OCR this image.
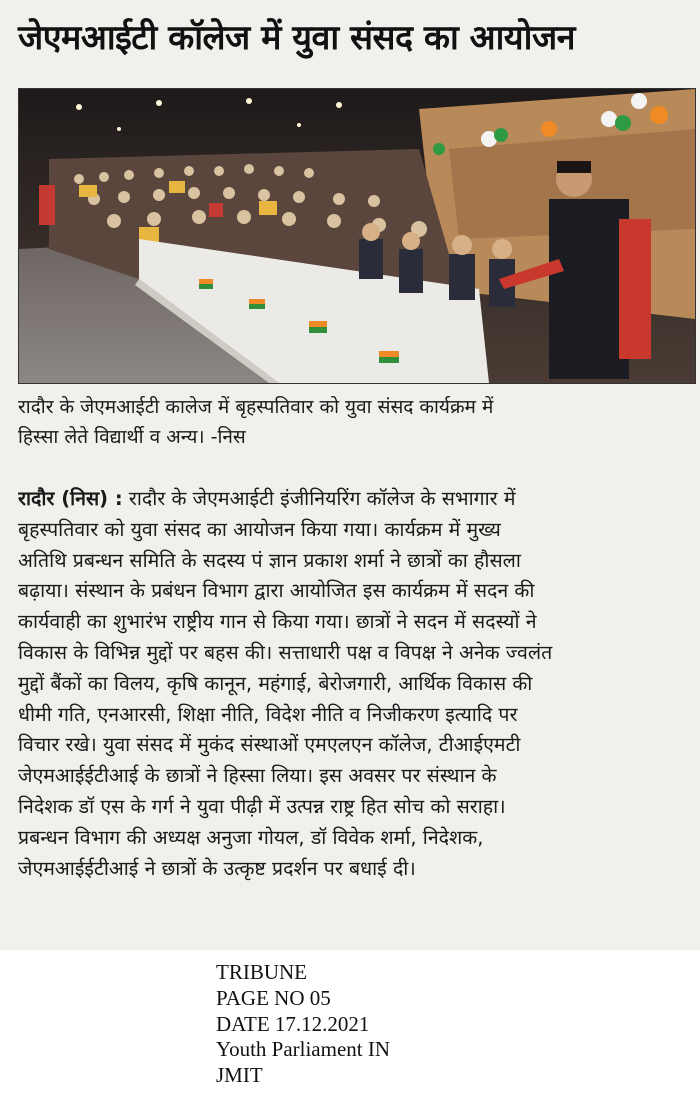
जेएमआईटी कॉलेज में युवा संसद का आयोजन
रादौर के जेएमआईटी कालेज में बृहस्पतिवार को युवा संसद कार्यक्रम में
हिस्सा लेते विद्यार्थी व अन्य। -निस
रादौर (निस) : रादौर के जेएमआईटी इंजीनियरिंग कॉलेज के सभागार में
बृहस्पतिवार को युवा संसद का आयोजन किया गया। कार्यक्रम में मुख्य
अतिथि प्रबन्धन समिति के सदस्य पं ज्ञान प्रकाश शर्मा ने छात्रों का हौसला
बढ़ाया। संस्थान के प्रबंधन विभाग द्वारा आयोजित इस कार्यक्रम में सदन की
कार्यवाही का शुभारंभ राष्ट्रीय गान से किया गया। छात्रों ने सदन में सदस्यों ने
विकास के विभिन्न मुद्दों पर बहस की। सत्ताधारी पक्ष व विपक्ष ने अनेक ज्वलंत
मुद्दों बैंकों का विलय, कृषि कानून, महंगाई, बेरोजगारी, आर्थिक विकास की
धीमी गति, एनआरसी, शिक्षा नीति, विदेश नीति व निजीकरण इत्यादि पर
विचार रखे। युवा संसद में मुकंद संस्थाओं एमएलएन कॉलेज, टीआईएमटी
जेएमआईईटीआई के छात्रों ने हिस्सा लिया। इस अवसर पर संस्थान के
निदेशक डॉ एस के गर्ग ने युवा पीढ़ी में उत्पन्न राष्ट्र हित सोच को सराहा।
प्रबन्धन विभाग की अध्यक्ष अनुजा गोयल, डॉ विवेक शर्मा, निदेशक,
जेएमआईईटीआई ने छात्रों के उत्कृष्ट प्रदर्शन पर बधाई दी।
TRIBUNE
PAGE NO 05
DATE 17.12.2021
Youth Parliament IN
JMIT
